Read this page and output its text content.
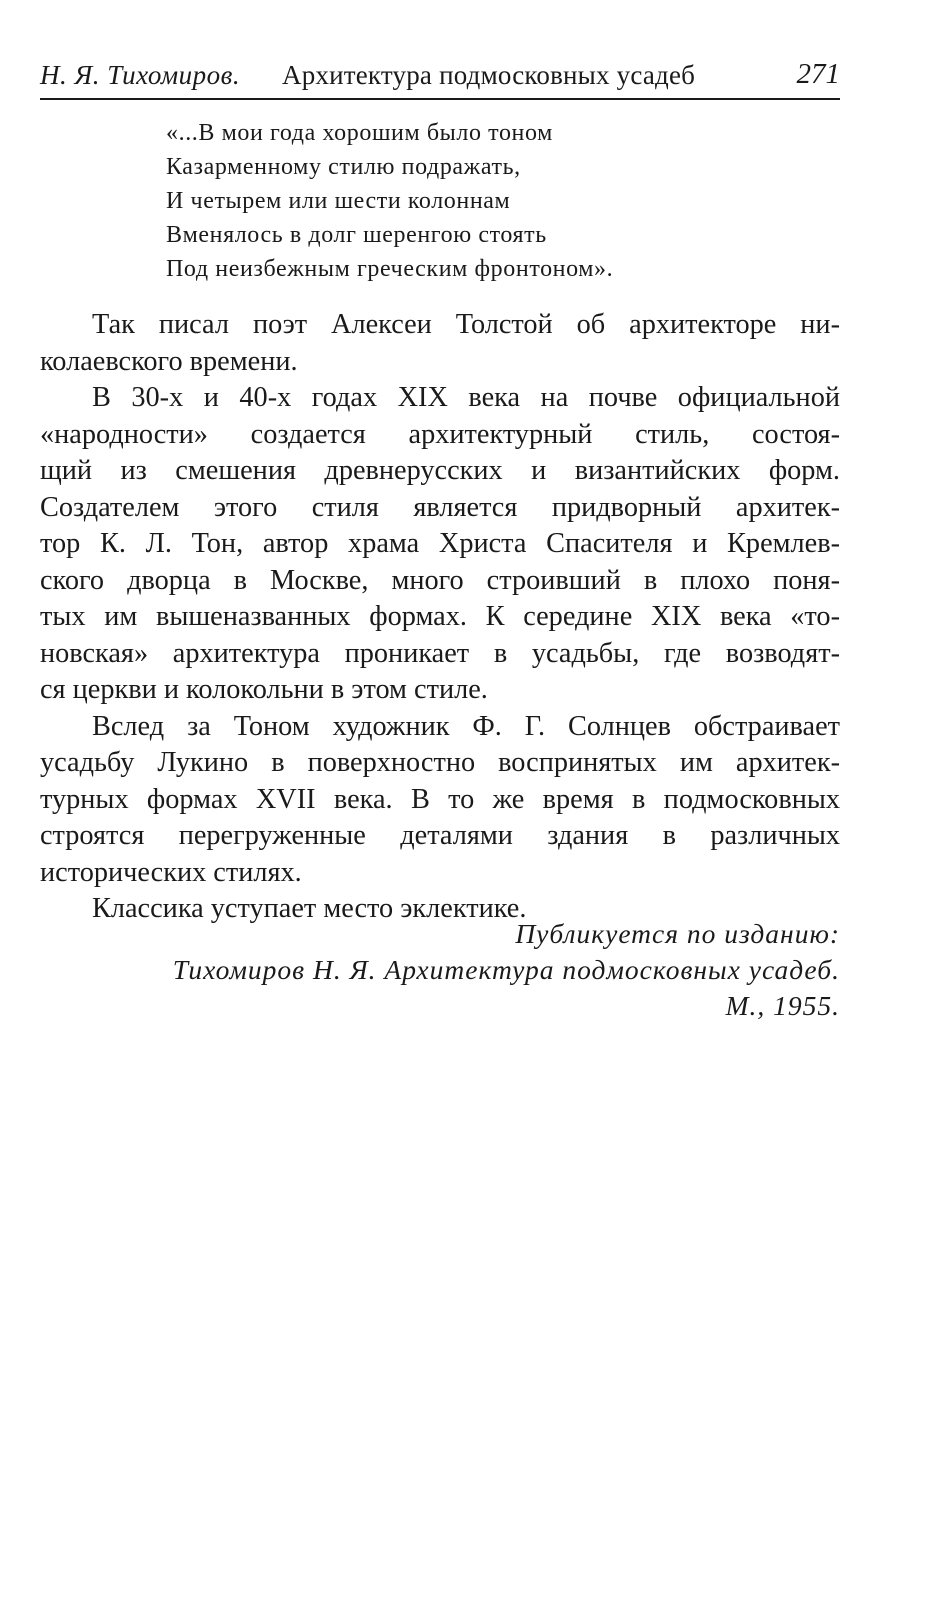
Н. Я. Тихомиров. Архитектура подмосковных усадеб	271
«...В мои года хорошим было тоном
Казарменному стилю подражать,
И четырем или шести колоннам
Вменялось в долг шеренгою стоять
Под неизбежным греческим фронтоном».
Так писал поэт Алексеи Толстой об архитекторе ни-
колаевского времени.
В 30-х и 40-х годах XIX века на почве официальной
«народности» создается архитектурный стиль, состоя-
щий из смешения древнерусских и византийских форм.
Создателем этого стиля является придворный архитек-
тор К. Л. Тон, автор храма Христа Спасителя и Кремлев-
ского дворца в Москве, много строивший в плохо поня-
тых им вышеназванных формах. К середине XIX века «то-
новская» архитектура проникает в усадьбы, где возводят-
ся церкви и колокольни в этом стиле.
Вслед за Тоном художник Ф. Г. Солнцев обстраивает
усадьбу Лукино в поверхностно воспринятых им архитек-
турных формах XVII века. В то же время в подмосковных
строятся перегруженные деталями здания в различных
исторических стилях.
Классика уступает место эклектике.
Публикуется по изданию:
Тихомиров Н. Я. Архитектура подмосковных усадеб.
М., 1955.
